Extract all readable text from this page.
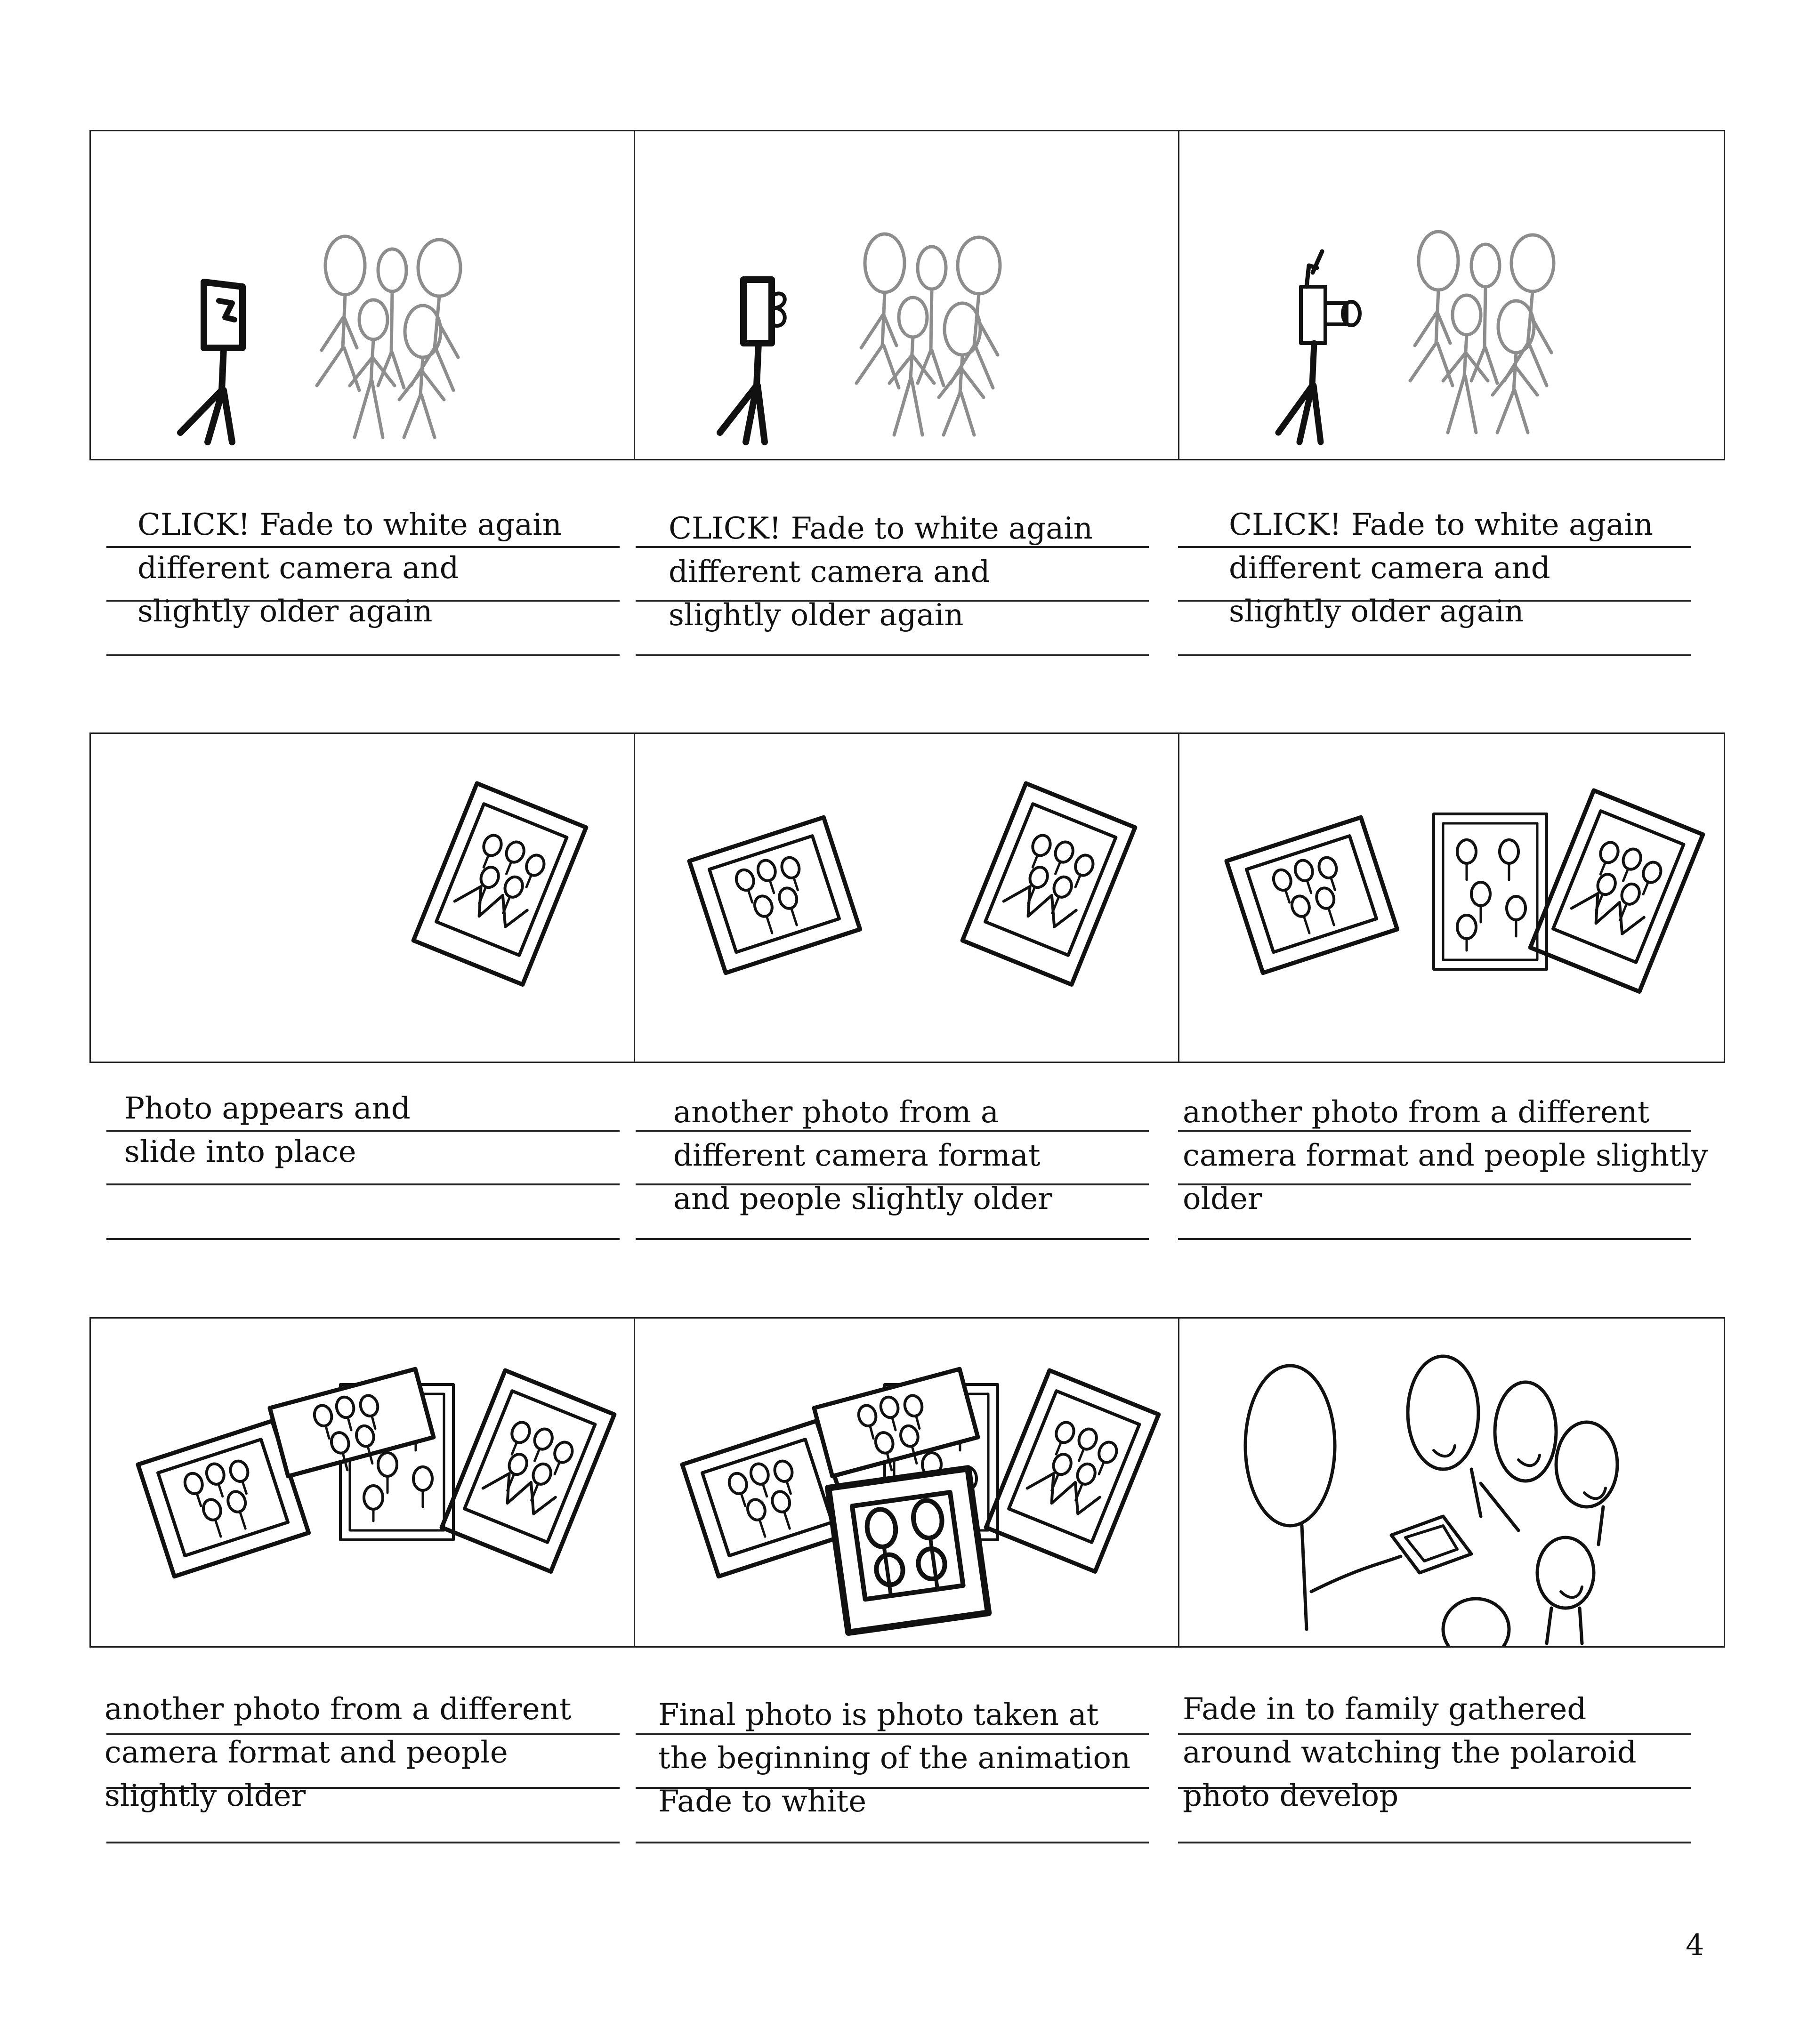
CLICK! Fade to white again
different camera and
slightly older again
CLICK! Fade to white again
different camera and
slightly older again
CLICK! Fade to white again
different camera and
slightly older again
Photo appears and
slide into place
another photo from a
different camera format
and people slightly older
another photo from a different
camera format and people slightly
older
another photo from a different
camera format and people
slightly older
Final photo is photo taken at
the beginning of the animation
Fade to white
Fade in to family gathered
around watching the polaroid
photo develop
4
